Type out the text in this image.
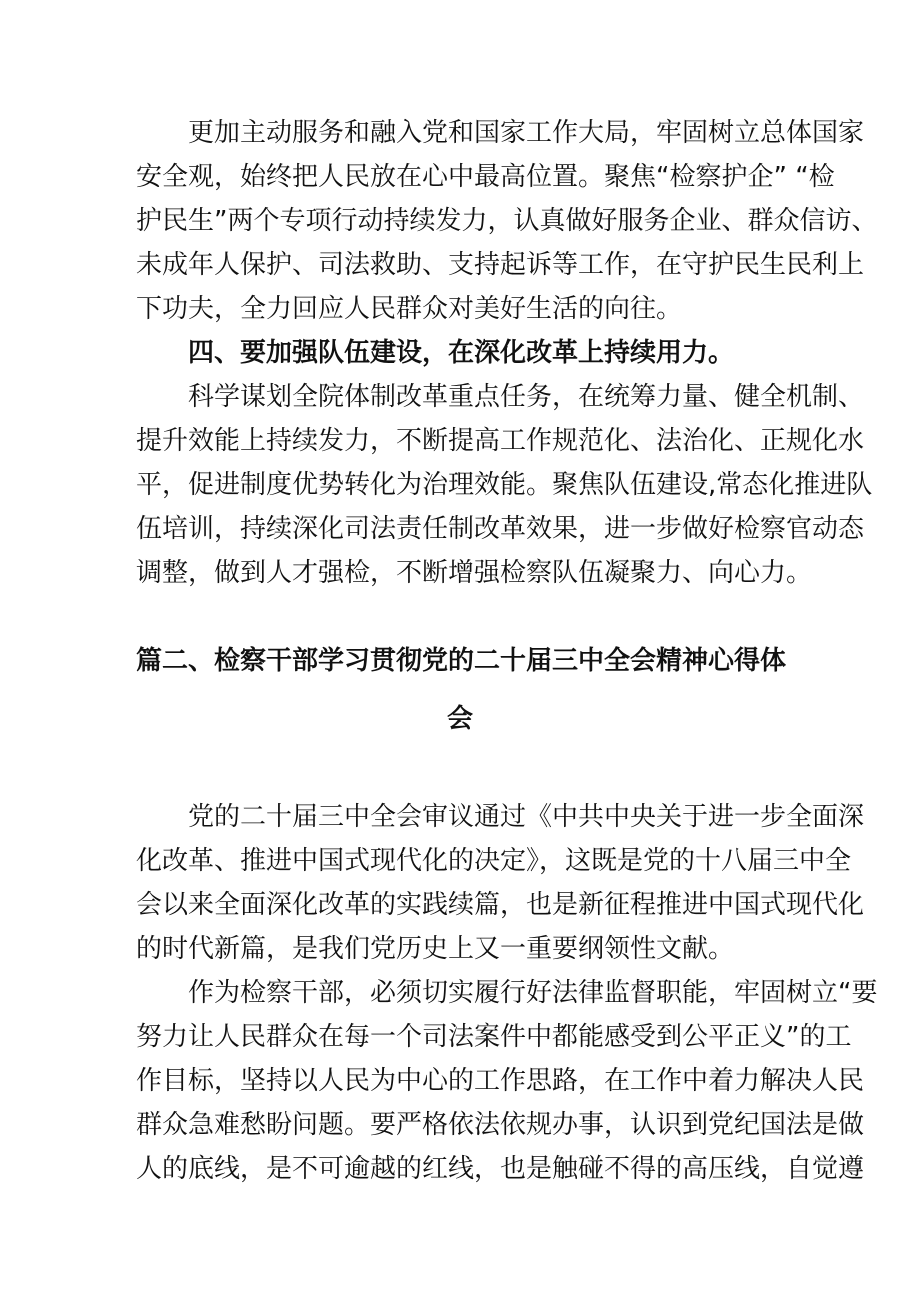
更加主动服务和融入党和国家工作大局，牢固树立总体国家
安全观，始终把人民放在心中最高位置。聚焦“检察护企” “检
护民生”两个专项行动持续发力，认真做好服务企业、群众信访、
未成年人保护、司法救助、支持起诉等工作，在守护民生民利上
下功夫，全力回应人民群众对美好生活的向往。
四、要加强队伍建设，在深化改革上持续用力。
科学谋划全院体制改革重点任务，在统筹力量、健全机制、
提升效能上持续发力，不断提高工作规范化、法治化、正规化水
平，促进制度优势转化为治理效能。聚焦队伍建设,常态化推进队
伍培训，持续深化司法责任制改革效果，进一步做好检察官动态
调整，做到人才强检，不断增强检察队伍凝聚力、向心力。
篇二、检察干部学习贯彻党的二十届三中全会精神心得体
会
党的二十届三中全会审议通过《中共中央关于进一步全面深
化改革、推进中国式现代化的决定》，这既是党的十八届三中全
会以来全面深化改革的实践续篇，也是新征程推进中国式现代化
的时代新篇，是我们党历史上又一重要纲领性文献。
作为检察干部，必须切实履行好法律监督职能，牢固树立“要
努力让人民群众在每一个司法案件中都能感受到公平正义”的工
作目标，坚持以人民为中心的工作思路，在工作中着力解决人民
群众急难愁盼问题。要严格依法依规办事，认识到党纪国法是做
人的底线，是不可逾越的红线，也是触碰不得的高压线，自觉遵
